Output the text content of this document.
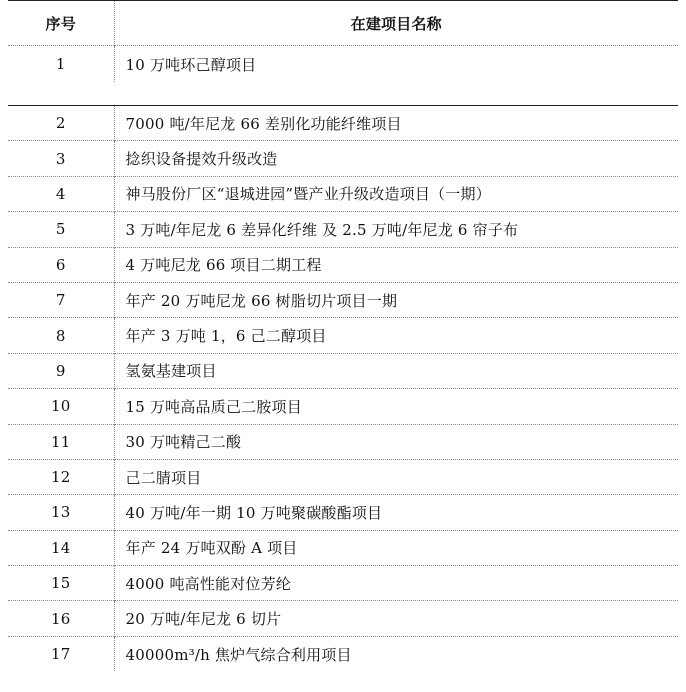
序号	在建项目名称
1	10 万吨环己醇项目
2	7000 吨/年尼龙 66 差别化功能纤维项目
3	捻织设备提效升级改造
4	神马股份厂区“退城进园”暨产业升级改造项目（一期）
5	3 万吨/年尼龙 6 差异化纤维 及 2.5 万吨/年尼龙 6 帘子布
6	4 万吨尼龙 66 项目二期工程
7	年产 20 万吨尼龙 66 树脂切片项目一期
8	年产 3 万吨 1，6 己二醇项目
9	氢氨基建项目
10	15 万吨高品质己二胺项目
11	30 万吨精己二酸
12	己二腈项目
13	40 万吨/年一期 10 万吨聚碳酸酯项目
14	年产 24 万吨双酚 A 项目
15	4000 吨高性能对位芳纶
16	20 万吨/年尼龙 6 切片
17	40000m³/h 焦炉气综合利用项目
